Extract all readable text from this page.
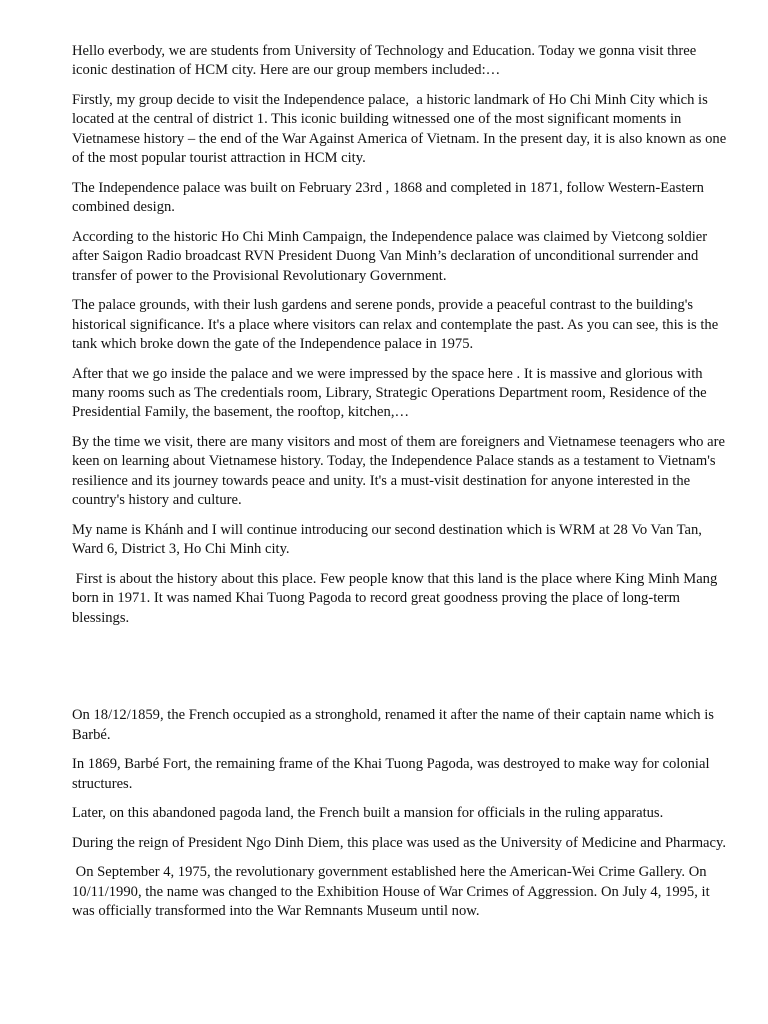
Hello everbody, we are students from University of Technology and Education. Today we gonna visit three iconic destination of HCM city. Here are our group members included:…

Firstly, my group decide to visit the Independence palace,  a historic landmark of Ho Chi Minh City which is located at the central of district 1. This iconic building witnessed one of the most significant moments in Vietnamese history – the end of the War Against America of Vietnam. In the present day, it is also known as one of the most popular tourist attraction in HCM city.

The Independence palace was built on February 23rd , 1868 and completed in 1871, follow Western-Eastern combined design.

According to the historic Ho Chi Minh Campaign, the Independence palace was claimed by Vietcong soldier after Saigon Radio broadcast RVN President Duong Van Minh’s declaration of unconditional surrender and transfer of power to the Provisional Revolutionary Government.

The palace grounds, with their lush gardens and serene ponds, provide a peaceful contrast to the building's historical significance. It's a place where visitors can relax and contemplate the past. As you can see, this is the tank which broke down the gate of the Independence palace in 1975.

After that we go inside the palace and we were impressed by the space here . It is massive and glorious with many rooms such as The credentials room, Library, Strategic Operations Department room, Residence of the Presidential Family, the basement, the rooftop, kitchen,…

By the time we visit, there are many visitors and most of them are foreigners and Vietnamese teenagers who are keen on learning about Vietnamese history. Today, the Independence Palace stands as a testament to Vietnam's resilience and its journey towards peace and unity. It's a must-visit destination for anyone interested in the country's history and culture.

My name is Khánh and I will continue introducing our second destination which is WRM at 28 Vo Van Tan, Ward 6, District 3, Ho Chi Minh city.

First is about the history about this place. Few people know that this land is the place where King Minh Mang born in 1971. It was named Khai Tuong Pagoda to record great goodness proving the place of long-term blessings.

On 18/12/1859, the French occupied as a stronghold, renamed it after the name of their captain name which is Barbé.

In 1869, Barbé Fort, the remaining frame of the Khai Tuong Pagoda, was destroyed to make way for colonial structures.

Later, on this abandoned pagoda land, the French built a mansion for officials in the ruling apparatus.

During the reign of President Ngo Dinh Diem, this place was used as the University of Medicine and Pharmacy.

On September 4, 1975, the revolutionary government established here the American-Wei Crime Gallery. On 10/11/1990, the name was changed to the Exhibition House of War Crimes of Aggression. On July 4, 1995, it was officially transformed into the War Remnants Museum until now.
